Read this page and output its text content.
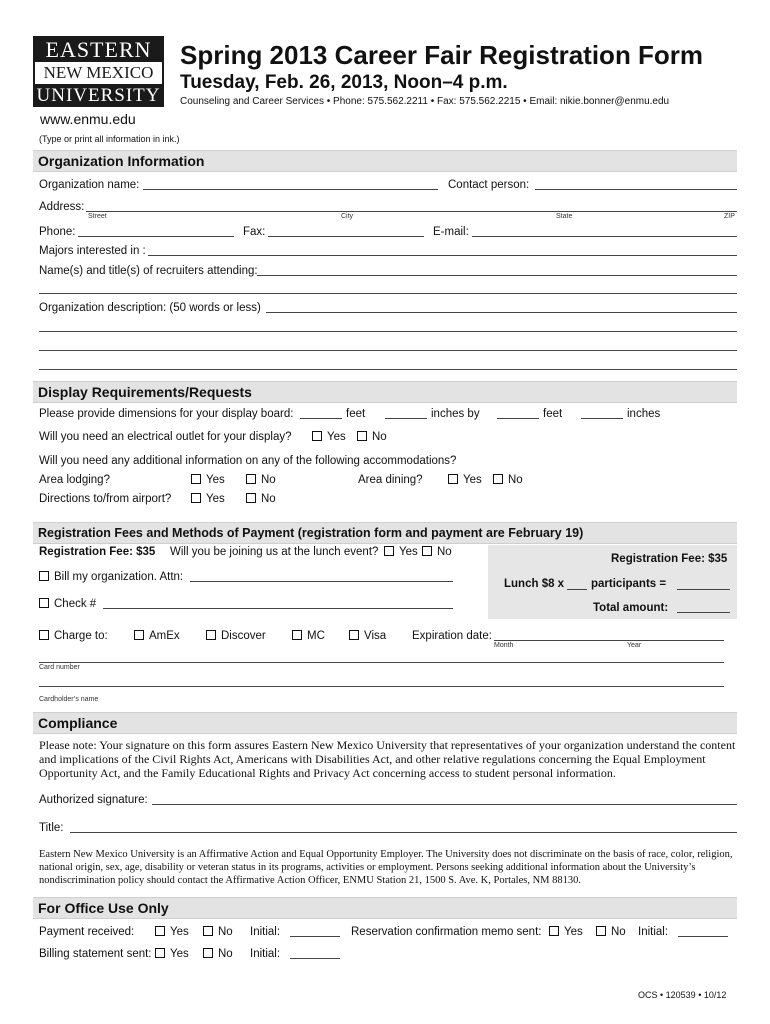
EASTERN
NEW MEXICO
UNIVERSITY
www.enmu.edu
Spring 2013 Career Fair Registration Form
Tuesday, Feb. 26, 2013, Noon–4 p.m.
Counseling and Career Services • Phone: 575.562.2211 • Fax: 575.562.2215 • Email: nikie.bonner@enmu.edu
(Type or print all information in ink.)
Organization Information
Organization name:	Contact person:
Address:
Street	City	State	ZIP
Phone:	Fax:	E-mail:
Majors interested in :
Name(s) and title(s) of recruiters attending:
Organization description: (50 words or less)
Display Requirements/Requests
Please provide dimensions for your display board:	feet	inches by	feet	inches
Will you need an electrical outlet for your display?	Yes	No
Will you need any additional information on any of the following accommodations?
Area lodging?	Yes	No	Area dining?	Yes	No
Directions to/from airport?	Yes	No
Registration Fees and Methods of Payment (registration form and payment are February 19)
Registration Fee: $35 Will you be joining us at the lunch event?	Yes	No
Registration Fee: $35
Lunch $8 x participants =
Total amount:
Bill my organization. Attn:
Check #
Charge to:	AmEx	Discover	MC	Visa Expiration date:
Month	Year
Card number
Cardholder’s name
Compliance
Please note: Your signature on this form assures Eastern New Mexico University that representatives of your organization understand the content and implications of the Civil Rights Act, Americans with Disabilities Act, and other relative regulations concerning the Equal Employment Opportunity Act, and the Family Educational Rights and Privacy Act concerning access to student personal information.
Authorized signature:
Title:
Eastern New Mexico University is an Affirmative Action and Equal Opportunity Employer. The University does not discriminate on the basis of race, color, religion, national origin, sex, age, disability or veteran status in its programs, activities or employment. Persons seeking additional information about the University’s nondiscrimination policy should contact the Affirmative Action Officer, ENMU Station 21, 1500 S. Ave. K, Portales, NM 88130.
For Office Use Only
Payment received:	Yes	No Initial:	Reservation confirmation memo sent:	Yes	No Initial:
Billing statement sent:	Yes	No Initial:
OCS • 120539 • 10/12
